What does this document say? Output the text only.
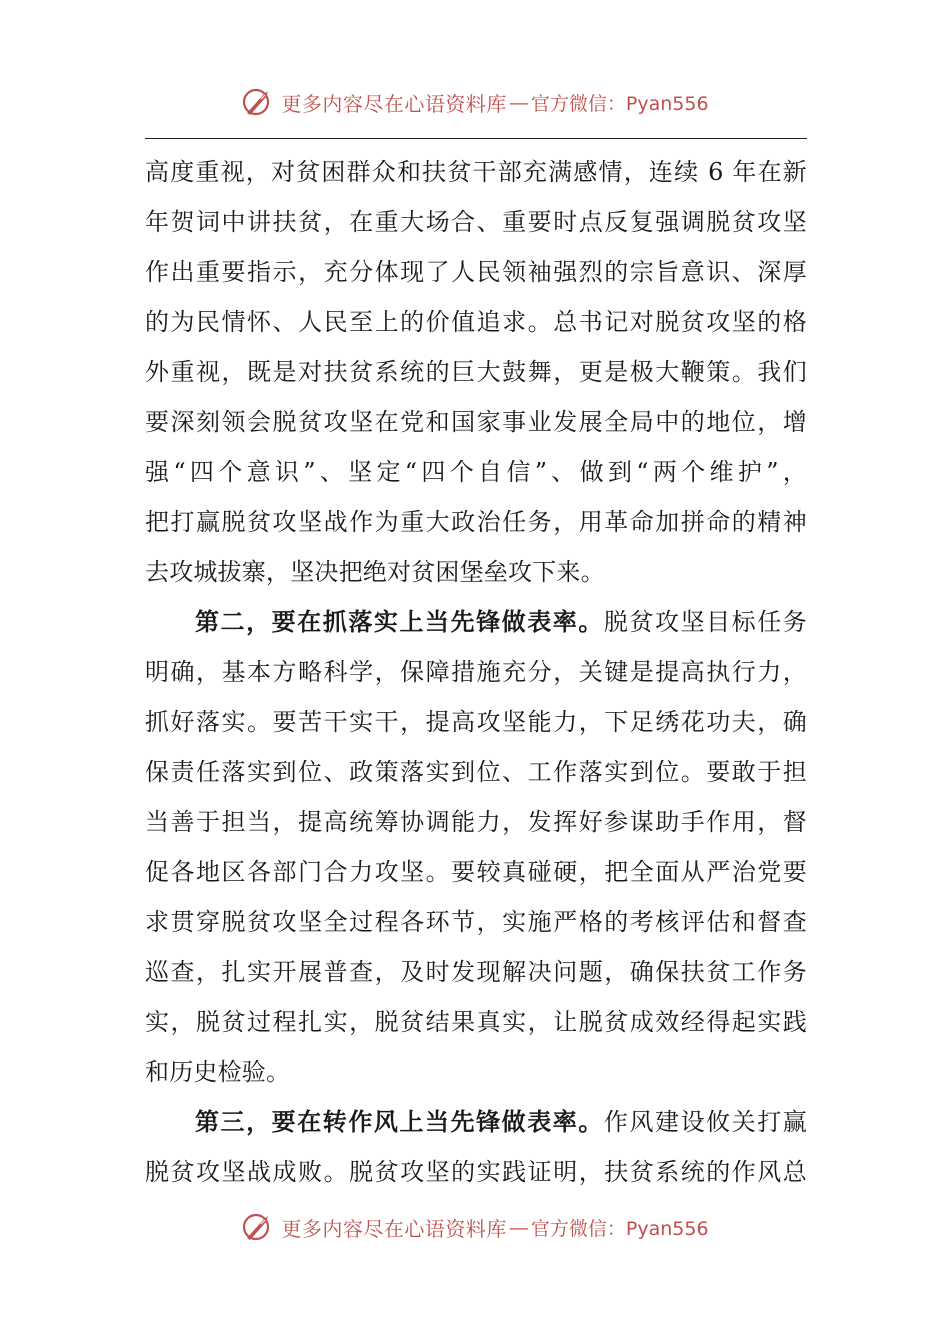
更多内容尽在心语资料库 — 官方微信：Pyan556
高度重视，对贫困群众和扶贫干部充满感情，连续 6 年在新
年贺词中讲扶贫，在重大场合、重要时点反复强调脱贫攻坚
作出重要指示，充分体现了人民领袖强烈的宗旨意识、深厚
的为民情怀、人民至上的价值追求。总书记对脱贫攻坚的格
外重视，既是对扶贫系统的巨大鼓舞，更是极大鞭策。我们
要深刻领会脱贫攻坚在党和国家事业发展全局中的地位，增
强“四个意识”、坚定“四个自信”、做到“两个维护”，
把打赢脱贫攻坚战作为重大政治任务，用革命加拼命的精神
去攻城拔寨，坚决把绝对贫困堡垒攻下来。
第二，要在抓落实上当先锋做表率。脱贫攻坚目标任务
明确，基本方略科学，保障措施充分，关键是提高执行力，
抓好落实。要苦干实干，提高攻坚能力，下足绣花功夫，确
保责任落实到位、政策落实到位、工作落实到位。要敢于担
当善于担当，提高统筹协调能力，发挥好参谋助手作用，督
促各地区各部门合力攻坚。要较真碰硬，把全面从严治党要
求贯穿脱贫攻坚全过程各环节，实施严格的考核评估和督查
巡查，扎实开展普查，及时发现解决问题，确保扶贫工作务
实，脱贫过程扎实，脱贫结果真实，让脱贫成效经得起实践
和历史检验。
第三，要在转作风上当先锋做表率。作风建设攸关打赢
脱贫攻坚战成败。脱贫攻坚的实践证明，扶贫系统的作风总
更多内容尽在心语资料库 — 官方微信：Pyan556
